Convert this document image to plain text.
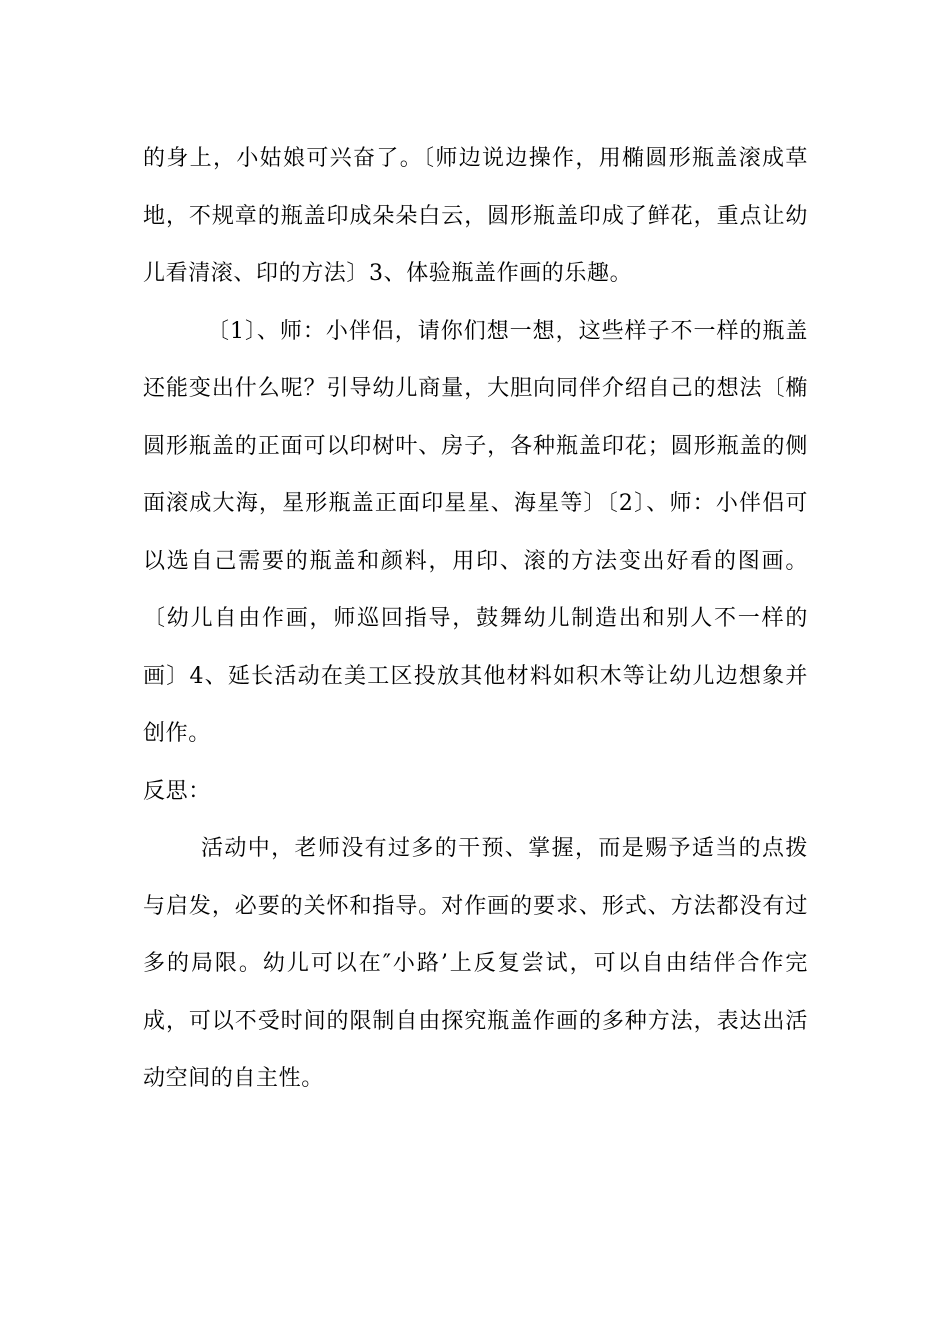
的身上，小姑娘可兴奋了。〔师边说边操作，用椭圆形瓶盖滚成草地，不规章的瓶盖印成朵朵白云，圆形瓶盖印成了鲜花，重点让幼儿看清滚、印的方法〕3、体验瓶盖作画的乐趣。

〔1〕、师：小伴侣，请你们想一想，这些样子不一样的瓶盖还能变出什么呢？引导幼儿商量，大胆向同伴介绍自己的想法〔椭圆形瓶盖的正面可以印树叶、房子，各种瓶盖印花；圆形瓶盖的侧面滚成大海，星形瓶盖正面印星星、海星等〕〔2〕、师：小伴侣可以选自己需要的瓶盖和颜料，用印、滚的方法变出好看的图画。〔幼儿自由作画，师巡回指导，鼓舞幼儿制造出和别人不一样的画〕4、延长活动在美工区投放其他材料如积木等让幼儿边想象并创作。

反思：

活动中，老师没有过多的干预、掌握，而是赐予适当的点拨与启发，必要的关怀和指导。对作画的要求、形式、方法都没有过多的局限。幼儿可以在″小路’上反复尝试，可以自由结伴合作完成，可以不受时间的限制自由探究瓶盖作画的多种方法，表达出活动空间的自主性。
